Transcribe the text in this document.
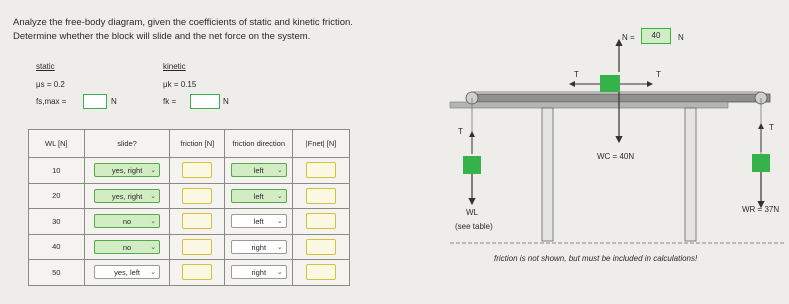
Analyze the free-body diagram, given the coefficients of static and kinetic friction.
Determine whether the block will slide and the net force on the system.
static	kinetic
μs = 0.2	μk = 0.15
fs,max =	N	fk =	N
WL [N]	slide?	friction [N]	friction direction	|Fnet| [N]
10	yes, right ⌄		left ⌄	

20	yes, right ⌄		left ⌄	

30	no ⌄		left ⌄	

40	no ⌄		right ⌄	

50	yes, left ⌄		right ⌄	

N =	40	N
T	T
T	T
WC = 40N
WL
(see table)
WR = 37N
friction is not shown, but must be included in calculations!
